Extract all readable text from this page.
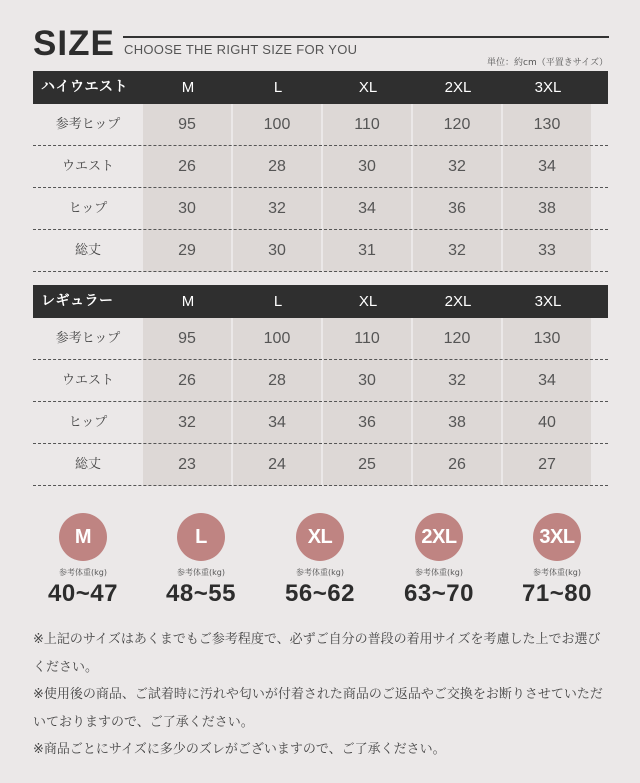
SIZE CHOOSE THE RIGHT SIZE FOR YOU
単位：約cm（平置きサイズ）
ハイウエスト	M	L	XL	2XL	3XL
参考ヒップ	95	100	110	120	130
ウエスト	26	28	30	32	34
ヒップ	30	32	34	36	38
総丈	29	30	31	32	33
レギュラー	M	L	XL	2XL	3XL
参考ヒップ	95	100	110	120	130
ウエスト	26	28	30	32	34
ヒップ	32	34	36	38	40
総丈	23	24	25	26	27
M
参考体重(kg)
40~47
L
参考体重(kg)
48~55
XL
参考体重(kg)
56~62
2XL
参考体重(kg)
63~70
3XL
参考体重(kg)
71~80

※上記のサイズはあくまでもご参考程度で、必ずご自分の普段の着用サイズを考慮した上でお選びください。

※使用後の商品、ご試着時に汚れや匂いが付着された商品のご返品やご交換をお断りさせていただいておりますので、ご了承ください。

※商品ごとにサイズに多少のズレがございますので、ご了承ください。
